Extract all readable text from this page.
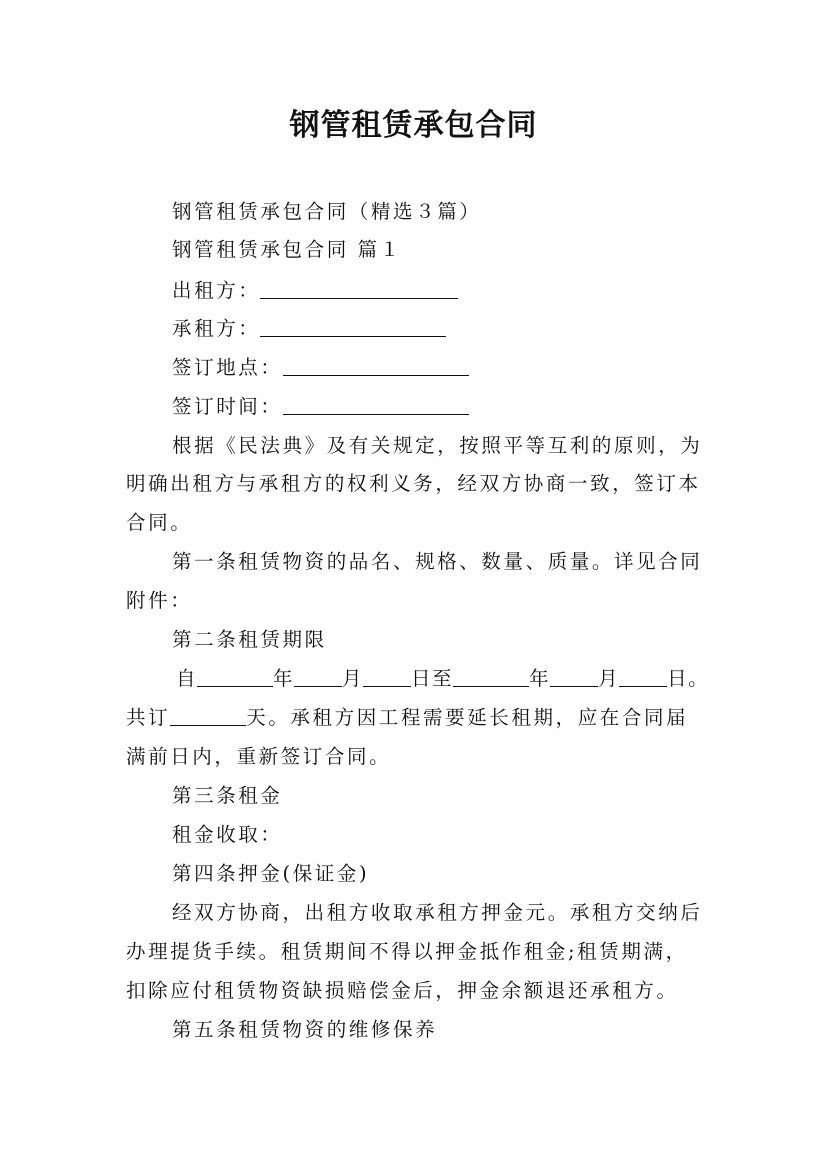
钢管租赁承包合同
钢管租赁承包合同（精选３篇）
钢管租赁承包合同 篇１
出租方：
承租方：
签订地点：
签订时间：
根据《民法典》及有关规定，按照平等互利的原则，为
明确出租方与承租方的权利义务，经双方协商一致，签订本
合同。
第一条租赁物资的品名、规格、数量、质量。详见合同
附件：
第二条租赁期限
自	年 月 日至	年 月 日。
共订	天。承租方因工程需要延长租期，应在合同届
满前日内，重新签订合同。
第三条租金
租金收取：
第四条押金(保证金)
经双方协商，出租方收取承租方押金元。承租方交纳后
办理提货手续。租赁期间不得以押金抵作租金;租赁期满，
扣除应付租赁物资缺损赔偿金后，押金余额退还承租方。
第五条租赁物资的维修保养
